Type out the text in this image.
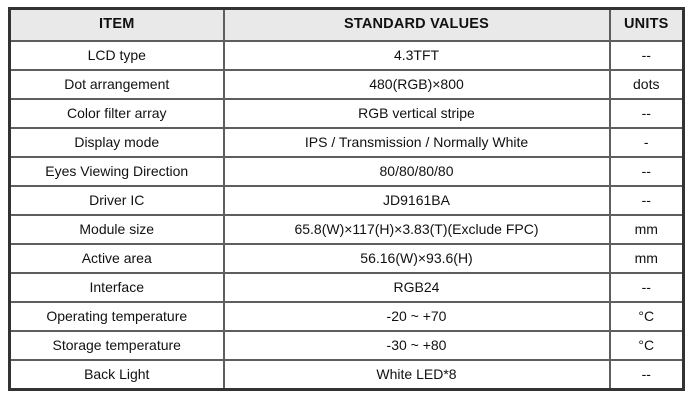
ITEM	STANDARD VALUES	UNITS
LCD type	4.3TFT	--
Dot arrangement	480(RGB)×800	dots
Color filter array	RGB vertical stripe	--
Display mode	IPS / Transmission / Normally White	-
Eyes Viewing Direction	80/80/80/80	--
Driver IC	JD9161BA	--
Module size	65.8(W)×117(H)×3.83(T)(Exclude FPC)	mm
Active area	56.16(W)×93.6(H)	mm
Interface	RGB24	--
Operating temperature	-20 ~ +70	°C
Storage temperature	-30 ~ +80	°C
Back Light	White LED*8	--
